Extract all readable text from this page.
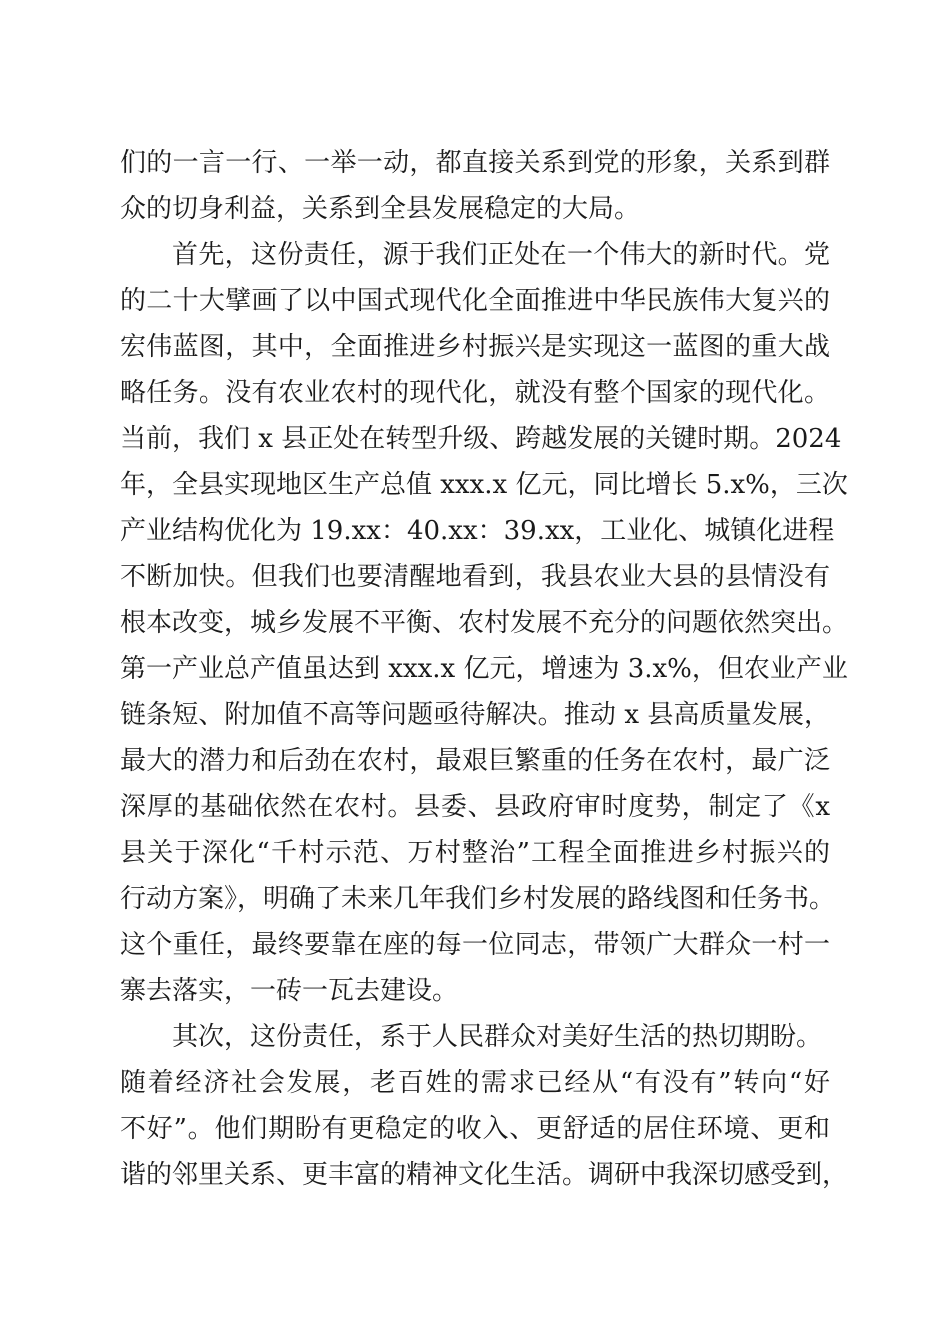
们的一言一行、一举一动，都直接关系到党的形象，关系到群
众的切身利益，关系到全县发展稳定的大局。
首先，这份责任，源于我们正处在一个伟大的新时代。党
的二十大擘画了以中国式现代化全面推进中华民族伟大复兴的
宏伟蓝图，其中，全面推进乡村振兴是实现这一蓝图的重大战
略任务。没有农业农村的现代化，就没有整个国家的现代化。
当前，我们 x 县正处在转型升级、跨越发展的关键时期。2024
年，全县实现地区生产总值 xxx.x 亿元，同比增长 5.x%，三次
产业结构优化为 19.xx：40.xx：39.xx，工业化、城镇化进程
不断加快。但我们也要清醒地看到，我县农业大县的县情没有
根本改变，城乡发展不平衡、农村发展不充分的问题依然突出。
第一产业总产值虽达到 xxx.x 亿元，增速为 3.x%，但农业产业
链条短、附加值不高等问题亟待解决。推动 x 县高质量发展，
最大的潜力和后劲在农村，最艰巨繁重的任务在农村，最广泛
深厚的基础依然在农村。县委、县政府审时度势，制定了《x
县关于深化“千村示范、万村整治”工程全面推进乡村振兴的
行动方案》，明确了未来几年我们乡村发展的路线图和任务书。
这个重任，最终要靠在座的每一位同志，带领广大群众一村一
寨去落实，一砖一瓦去建设。
其次，这份责任，系于人民群众对美好生活的热切期盼。
随着经济社会发展，老百姓的需求已经从“有没有”转向“好
不好”。他们期盼有更稳定的收入、更舒适的居住环境、更和
谐的邻里关系、更丰富的精神文化生活。调研中我深切感受到，
